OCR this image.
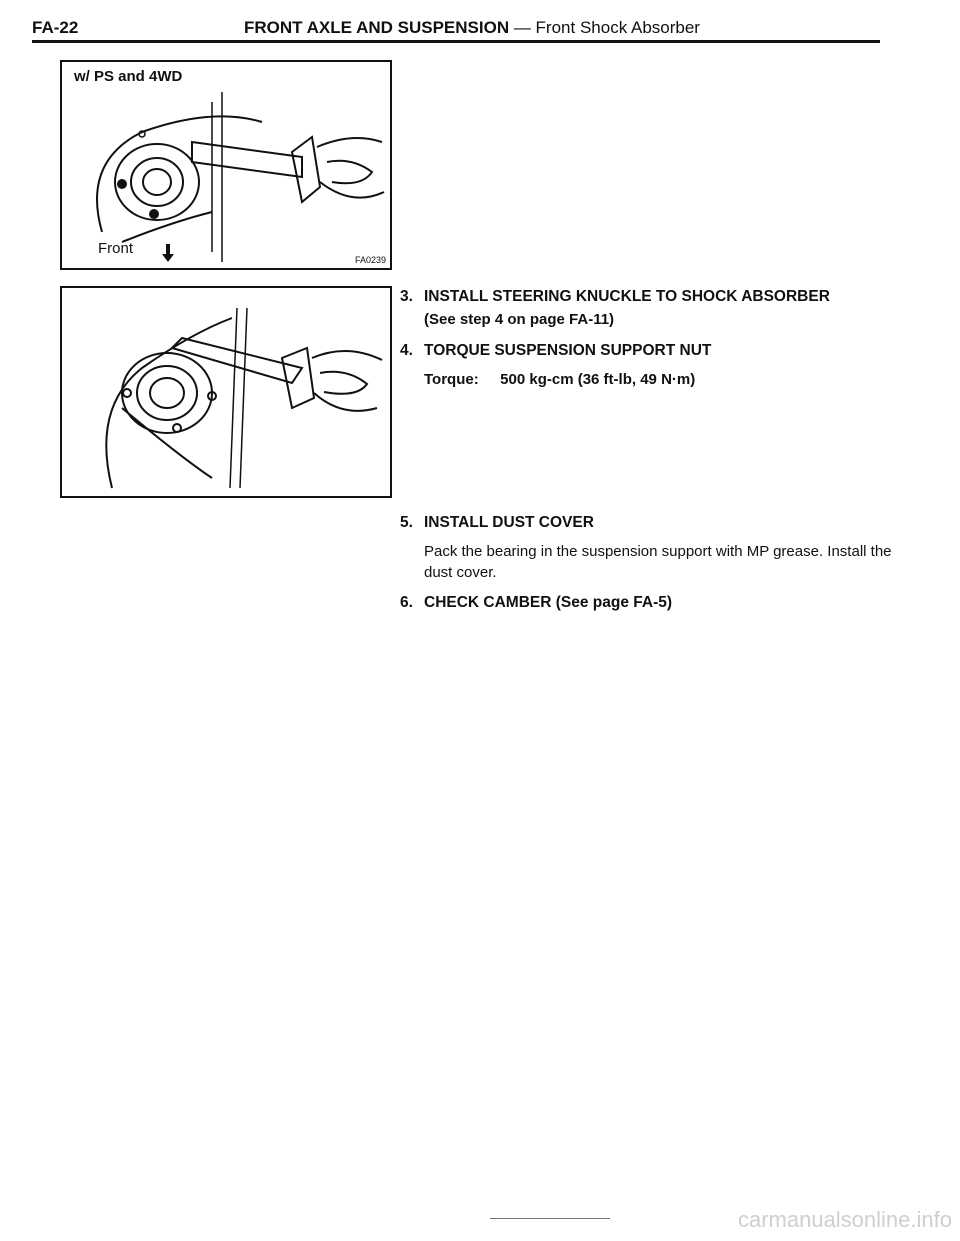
FA-22	FRONT AXLE AND SUSPENSION — Front Shock Absorber
w/ PS and 4WD
Front
FA0239
3. INSTALL STEERING KNUCKLE TO SHOCK ABSORBER
(See step 4 on page FA-11)
4. TORQUE SUSPENSION SUPPORT NUT
Torque: 500 kg-cm (36 ft-lb, 49 N·m)
5. INSTALL DUST COVER
Pack the bearing in the suspension support with MP grease. Install the dust cover.
6. CHECK CAMBER (See page FA-5)
carmanualsonline.info
